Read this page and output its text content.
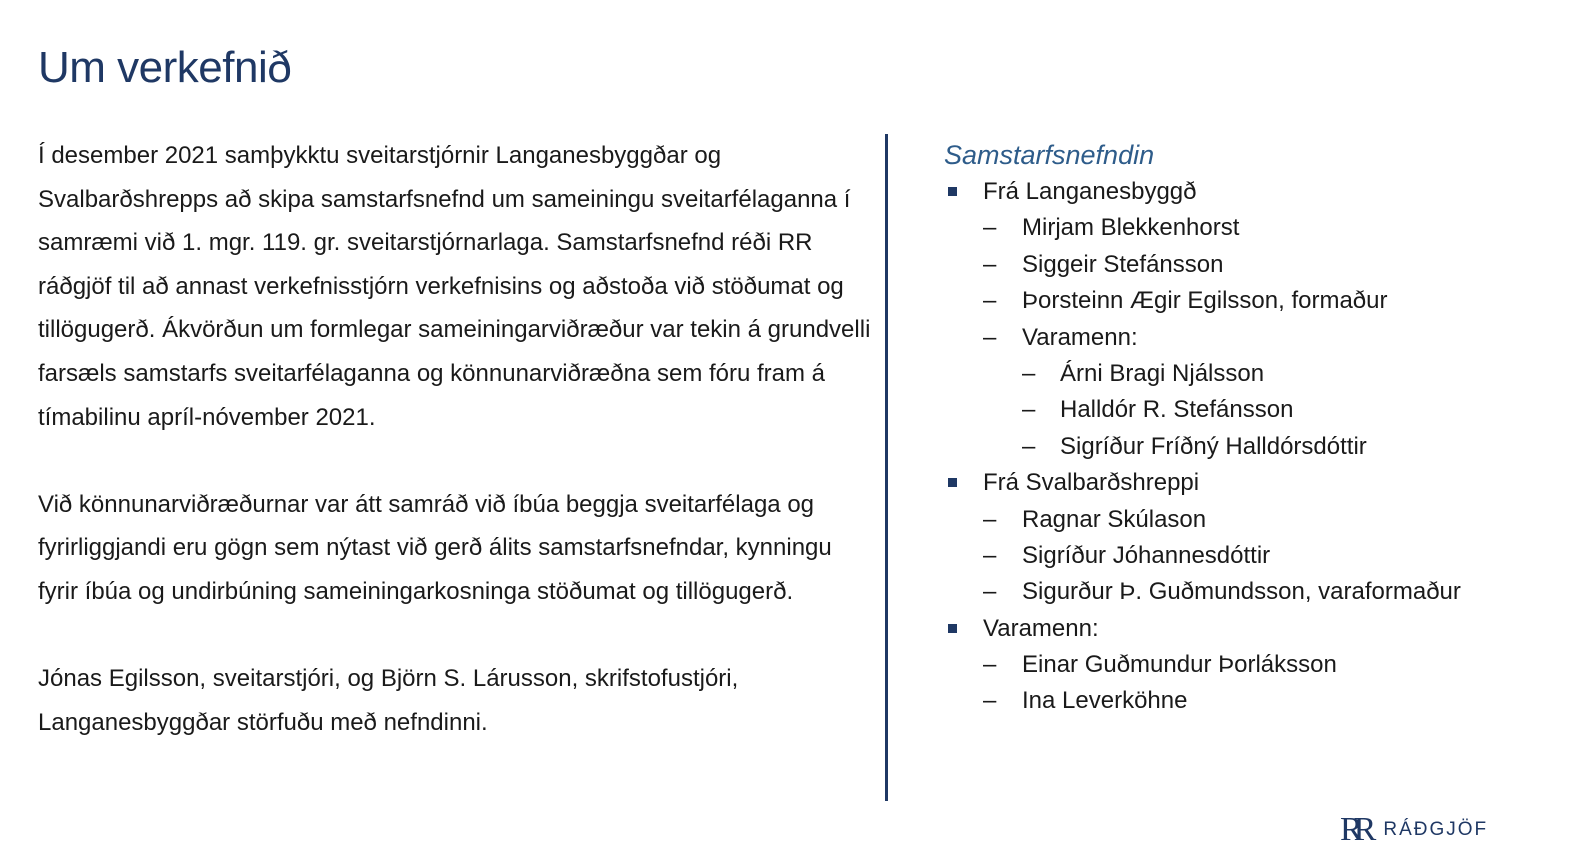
Um verkefnið

Í desember 2021 samþykktu sveitarstjórnir Langanesbyggðar og Svalbarðshrepps að skipa samstarfsnefnd um sameiningu sveitarfélaganna í samræmi við 1. mgr. 119. gr. sveitarstjórnarlaga. Samstarfsnefnd réði RR ráðgjöf til að annast verkefnisstjórn verkefnisins og aðstoða við stöðumat og tillögugerð. Ákvörðun um formlegar sameiningarviðræður var tekin á grundvelli farsæls samstarfs sveitarfélaganna og könnunarviðræðna sem fóru fram á tímabilinu apríl-nóvember 2021.

Við könnunarviðræðurnar var átt samráð við íbúa beggja sveitarfélaga og fyrirliggjandi eru gögn sem nýtast við gerð álits samstarfsnefndar, kynningu fyrir íbúa og undirbúning sameiningarkosninga stöðumat og tillögugerð.

Jónas Egilsson, sveitarstjóri, og Björn S. Lárusson, skrifstofustjóri, Langanesbyggðar störfuðu með nefndinni.

Samstarfsnefndin
Frá Langanesbyggð
– Mirjam Blekkenhorst
– Siggeir Stefánsson
– Þorsteinn Ægir Egilsson, formaður
– Varamenn:
– Árni Bragi Njálsson
– Halldór R. Stefánsson
– Sigríður Fríðný Halldórsdóttir
Frá Svalbarðshreppi
– Ragnar Skúlason
– Sigríður Jóhannesdóttir
– Sigurður Þ. Guðmundsson, varaformaður
Varamenn:
– Einar Guðmundur Þorláksson
– Ina Leverköhne
RR RÁÐGJÖF
